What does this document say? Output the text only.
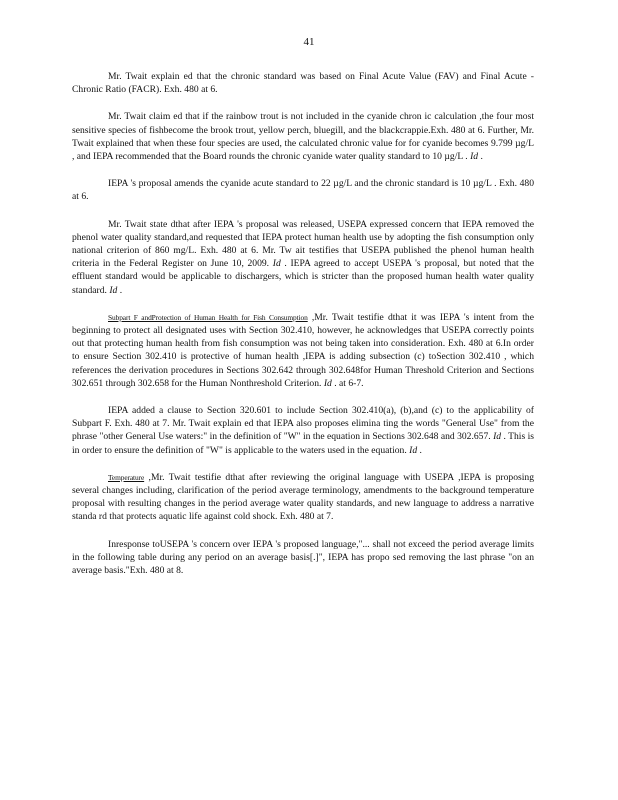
41

Mr. Twait explain ed that the chronic standard was based on Final Acute Value (FAV) and Final Acute -Chronic Ratio (FACR). Exh. 480 at 6.

Mr. Twait claim ed that if the rainbow trout is not included in the cyanide chron ic calculation ,the four most sensitive species of fishbecome the brook trout, yellow perch, bluegill, and the blackcrappie.Exh. 480 at 6. Further, Mr. Twait explained that when these four species are used, the calculated chronic value for for cyanide becomes 9.799 µg/L , and IEPA recommended that the Board rounds the chronic cyanide water quality standard to 10 µg/L . Id .

IEPA 's proposal amends the cyanide acute standard to 22 µg/L and the chronic standard is 10 µg/L . Exh. 480 at 6.

Mr. Twait state dthat after IEPA 's proposal was released, USEPA expressed concern that IEPA removed the phenol water quality standard,and requested that IEPA protect human health use by adopting the fish consumption only national criterion of 860 mg/L. Exh. 480 at 6. Mr. Tw ait testifies that USEPA published the phenol human health criteria in the Federal Register on June 10, 2009. Id . IEPA agreed to accept USEPA 's proposal, but noted that the effluent standard would be applicable to dischargers, which is stricter than the proposed human health water quality standard. Id .

Subpart F andProtection of Human Health for Fish Consumption ,Mr. Twait testifie dthat it was IEPA 's intent from the beginning to protect all designated uses with Section 302.410, however, he acknowledges that USEPA correctly points out that protecting human health from fish consumption was not being taken into consideration. Exh. 480 at 6.In order to ensure Section 302.410 is protective of human health ,IEPA is adding subsection (c) toSection 302.410 , which references the derivation procedures in Sections 302.642 through 302.648for Human Threshold Criterion and Sections 302.651 through 302.658 for the Human Nonthreshold Criterion. Id . at 6-7.

IEPA added a clause to Section 320.601 to include Section 302.410(a), (b),and (c) to the applicability of Subpart F. Exh. 480 at 7. Mr. Twait explain ed that IEPA also proposes elimina ting the words "General Use" from the phrase "other General Use waters:" in the definition of "W" in the equation in Sections 302.648 and 302.657. Id . This is in order to ensure the definition of "W" is applicable to the waters used in the equation. Id .

Temperature ,Mr. Twait testifie dthat after reviewing the original language with USEPA ,IEPA is proposing several changes including, clarification of the period average terminology, amendments to the background temperature proposal with resulting changes in the period average water quality standards, and new language to address a narrative standa rd that protects aquatic life against cold shock. Exh. 480 at 7.

Inresponse toUSEPA 's concern over IEPA 's proposed language,"... shall not exceed the period average limits in the following table during any period on an average basis[.]", IEPA has propo sed removing the last phrase "on an average basis."Exh. 480 at 8.
